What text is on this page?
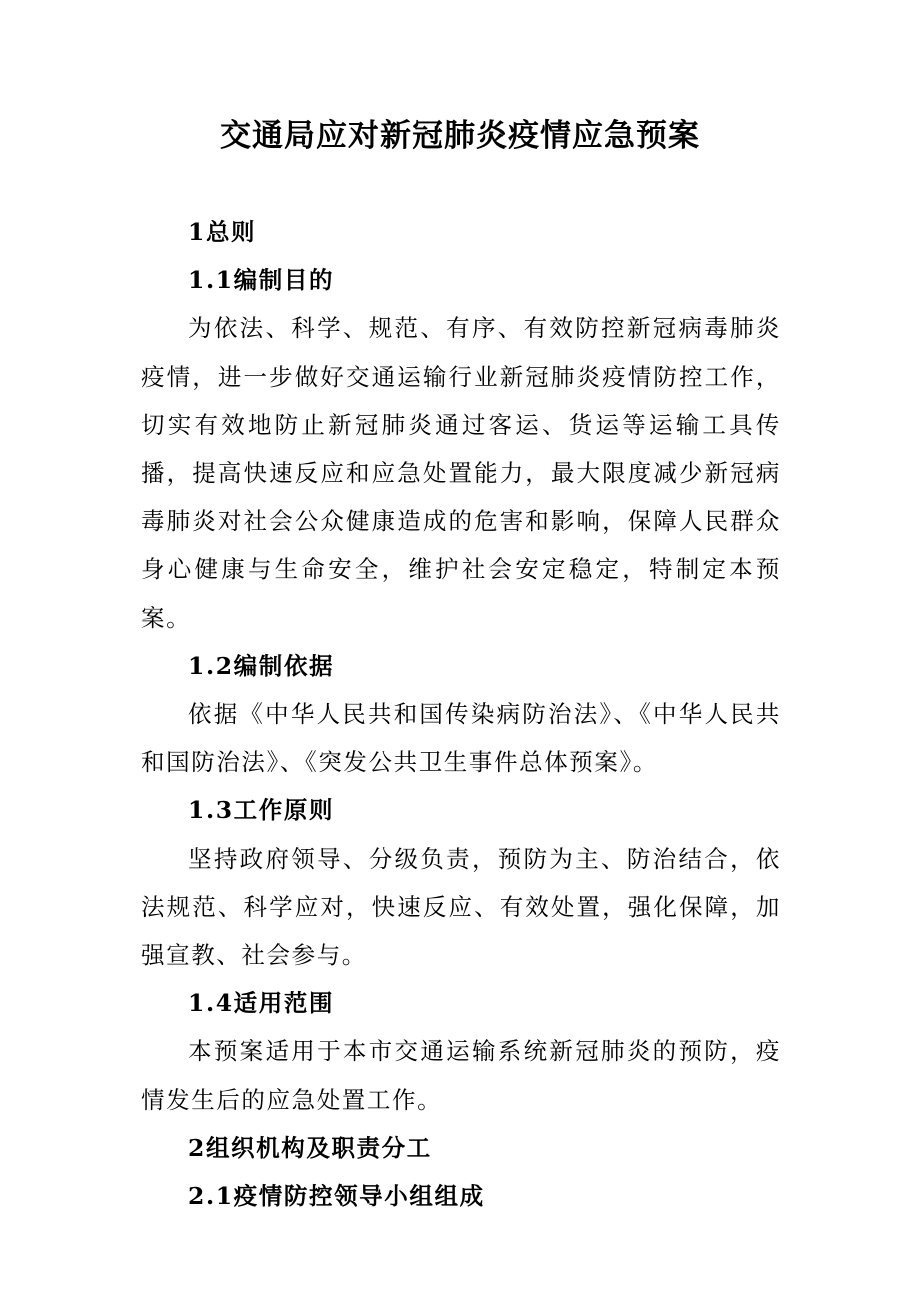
交通局应对新冠肺炎疫情应急预案

1总则

1.1编制目的

为依法、科学、规范、有序、有效防控新冠病毒肺炎疫情，进一步做好交通运输行业新冠肺炎疫情防控工作，切实有效地防止新冠肺炎通过客运、货运等运输工具传播，提高快速反应和应急处置能力，最大限度减少新冠病毒肺炎对社会公众健康造成的危害和影响，保障人民群众身心健康与生命安全，维护社会安定稳定，特制定本预案。

1.2编制依据

依据《中华人民共和国传染病防治法》、《中华人民共和国防治法》、《突发公共卫生事件总体预案》。

1.3工作原则

坚持政府领导、分级负责，预防为主、防治结合，依法规范、科学应对，快速反应、有效处置，强化保障，加强宣教、社会参与。

1.4适用范围

本预案适用于本市交通运输系统新冠肺炎的预防，疫情发生后的应急处置工作。

2组织机构及职责分工

2.1疫情防控领导小组组成
